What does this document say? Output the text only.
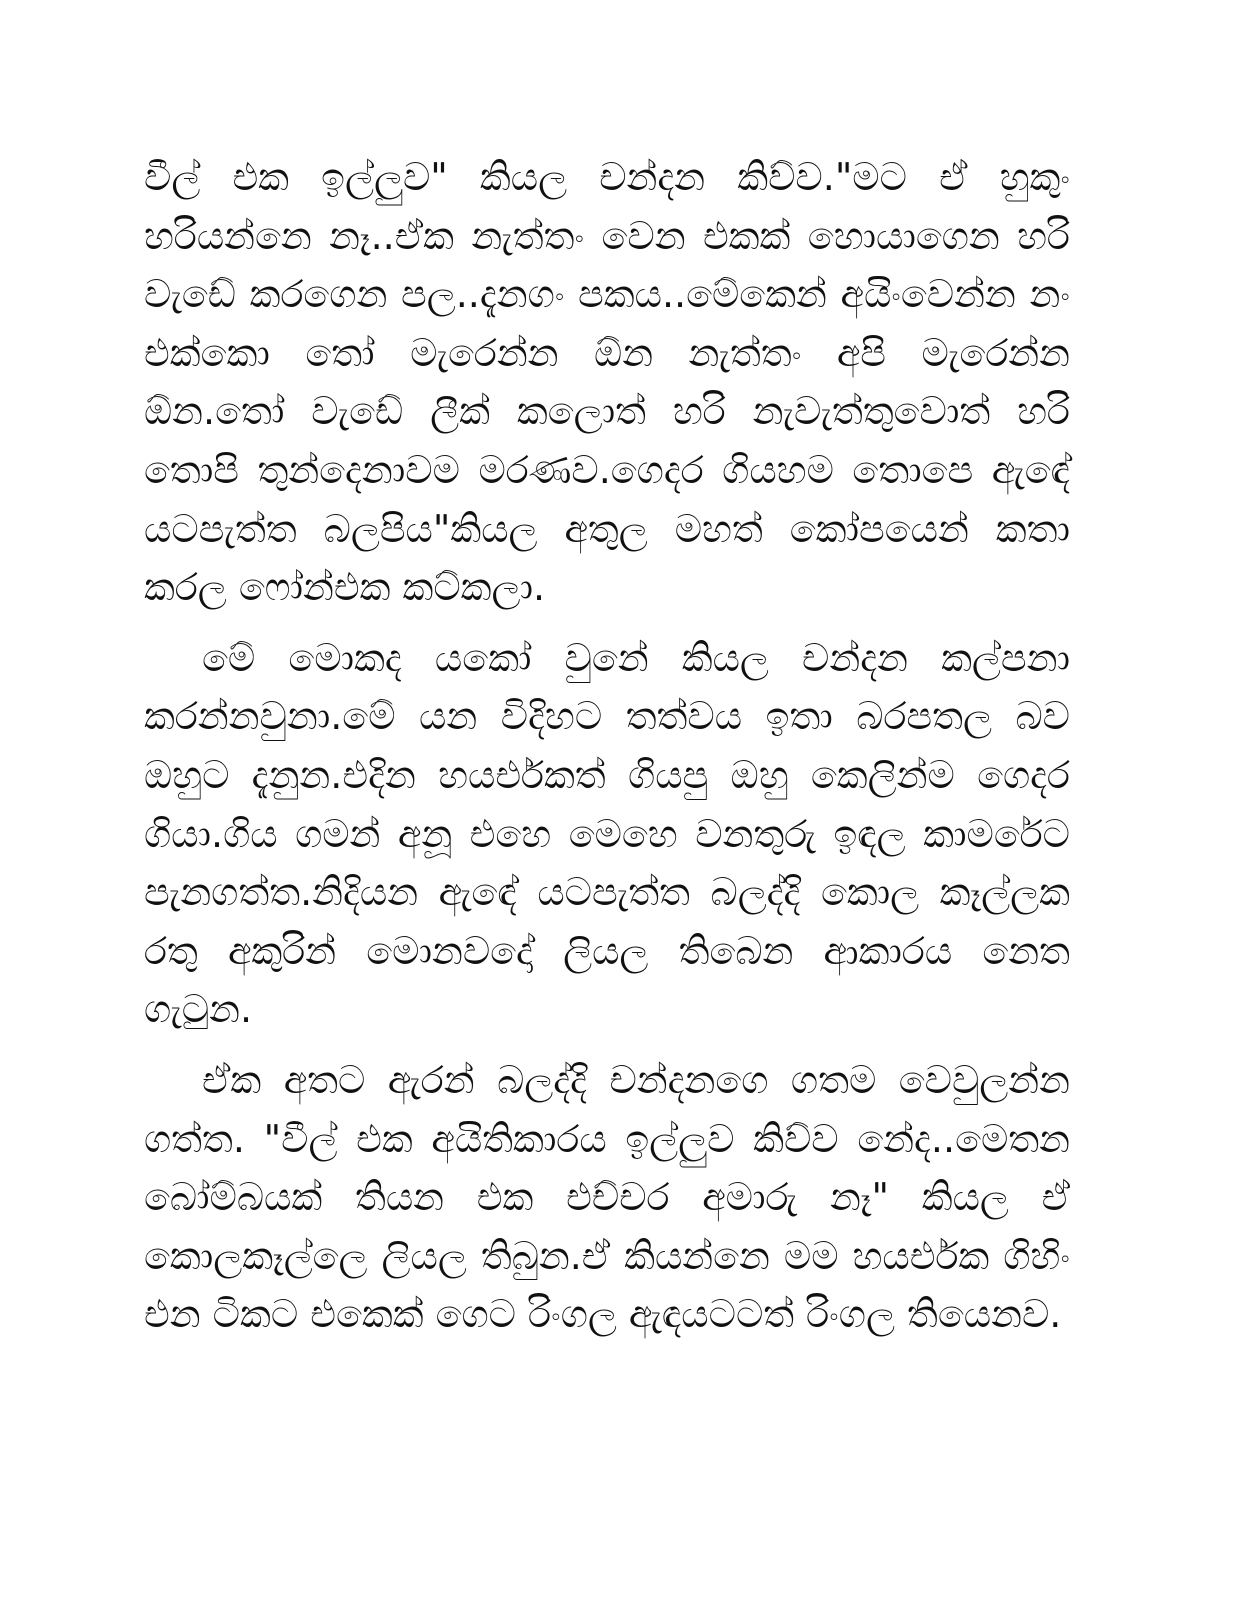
වීල් එක ඉල්ලුව" කියල චන්දන කිව්ව."මට ඒ හුකුං හරියන්නෙ නෑ..ඒක නැත්තං වෙන එකක් හොයාගෙන හරි වැඩේ කරගෙන පල..දැනගං පකය..මේකෙන් අයිංවෙන්න නං එක්කො තෝ මැරෙන්න ඕන නැත්තං අපි මැරෙන්න ඕන.තෝ වැඩේ ලීක් කලොත් හරි නැවැත්තුවොත් හරි තොපි තුන්දෙනාවම මරණව.ගෙදර ගියහම තොපෙ ඇඳේ යටපැත්ත බලපිය"කියල අතුල මහත් කෝපයෙන් කතා කරල ෆෝන්එක කට්කලා.

මේ මොකද යකෝ වුනේ කියල චන්දන කල්පනා කරන්නවුනා.මේ යන විදිහට තත්වය ඉතා බරපතල බව ඔහුට දැනුන.එදින හයර්එකත් ගියපු ඔහු කෙලින්ම ගෙදර ගියා.ගිය ගමන් අනූ එහෙ මෙහෙ වනතුරු ඉඳල කාමරේට පැනගත්ත.නිදියන ඇඳේ යටපැත්ත බලද්දි කොල කෑල්ලක රතු අකුරින් මොනවදෝ ලියල තිබෙන ආකාරය නෙත ගැටුන.

ඒක අතට ඇරන් බලද්දි චන්දනගෙ ගතම වෙවුලන්න ගත්ත. "වීල් එක අයිතිකාරය ඉල්ලුව කිව්ව නේද..මෙතන බෝම්බයක් තියන එක එච්චර අමාරු නෑ" කියල ඒ කොලකෑල්ලෙ ලියල තිබුන.ඒ කියන්නෙ මම හයර්එක ගිහිං එන ටිකට එකෙක් ගෙට රිංගල ඇඳයටටත් රිංගල තියෙනව.
